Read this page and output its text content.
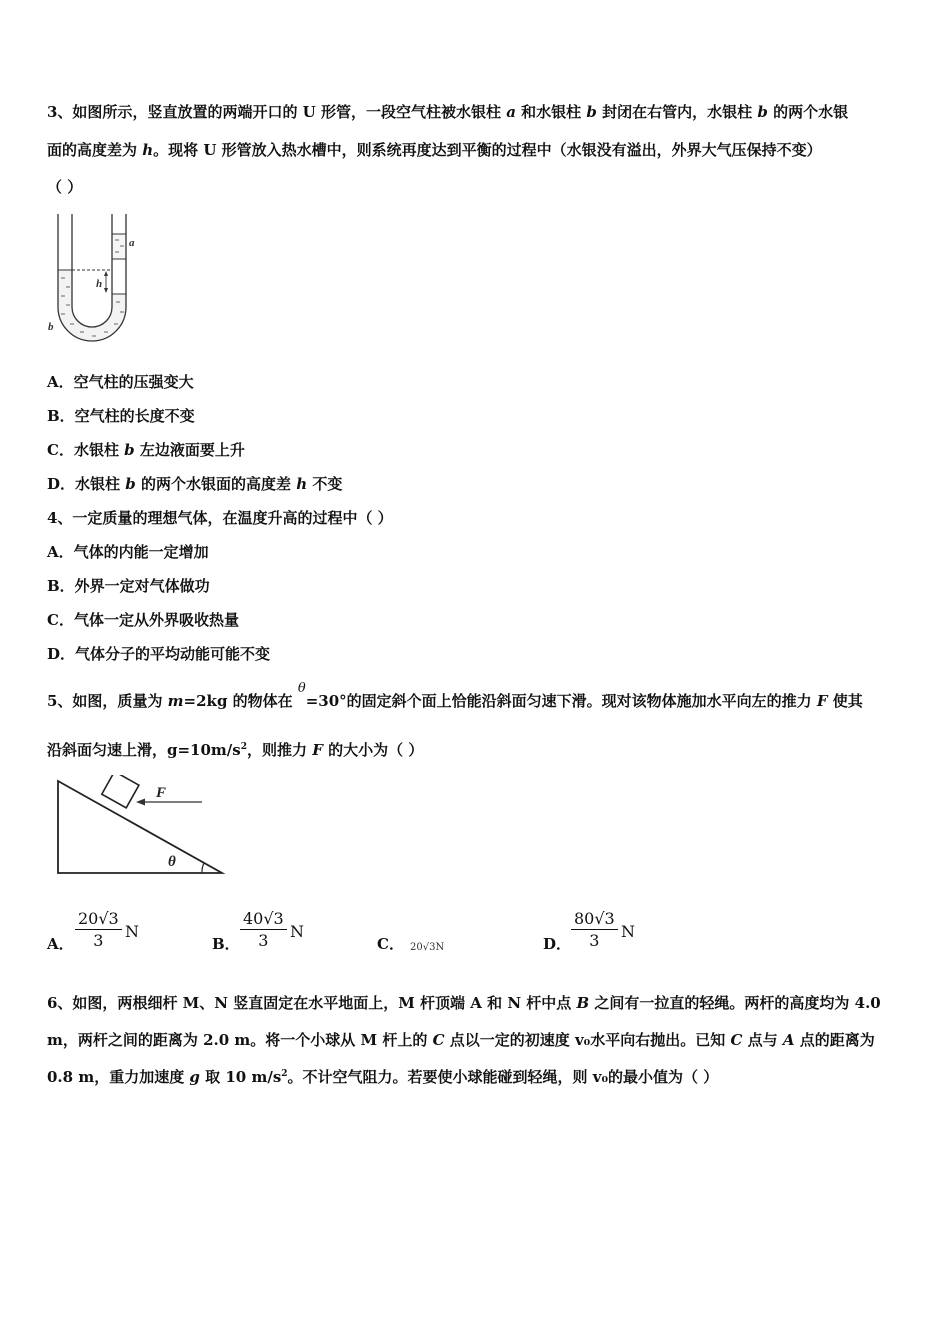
3、如图所示，竖直放置的两端开口的 U 形管，一段空气柱被水银柱 a 和水银柱 b 封闭在右管内，水银柱 b 的两个水银
面的高度差为 h。现将 U 形管放入热水槽中，则系统再度达到平衡的过程中（水银没有溢出，外界大气压保持不变）
（ ）
h
a
b
A．空气柱的压强变大
B．空气柱的长度不变
C．水银柱 b 左边液面要上升
D．水银柱 b 的两个水银面的高度差 h 不变
4、一定质量的理想气体，在温度升高的过程中（ ）
A．气体的内能一定增加
B．外界一定对气体做功
C．气体一定从外界吸收热量
D．气体分子的平均动能可能不变
5、如图，质量为 m=2kg 的物体在 θ=30°的固定斜个面上恰能沿斜面匀速下滑。现对该物体施加水平向左的推力 F 使其
沿斜面匀速上滑，$g=10m/s^2$，则推力 F 的大小为（ ）
F
θ
A． $\frac{20√3}{3}$ N
B． $\frac{40√3}{3}$ N
C． 20√3N	D． $\frac{80√3}{3}$ N
6、如图，两根细杆 M、N 竖直固定在水平地面上，M 杆顶端 A 和 N 杆中点 B 之间有一拉直的轻绳。两杆的高度均为 4.0
m，两杆之间的距离为 2.0 m。将一个小球从 M 杆上的 C 点以一定的初速度 v₀水平向右抛出。已知 C 点与 A 点的距离为
0.8 m，重力加速度 g 取 10 $m/s^2$。不计空气阻力。若要使小球能碰到轻绳，则 v₀的最小值为（ ）
